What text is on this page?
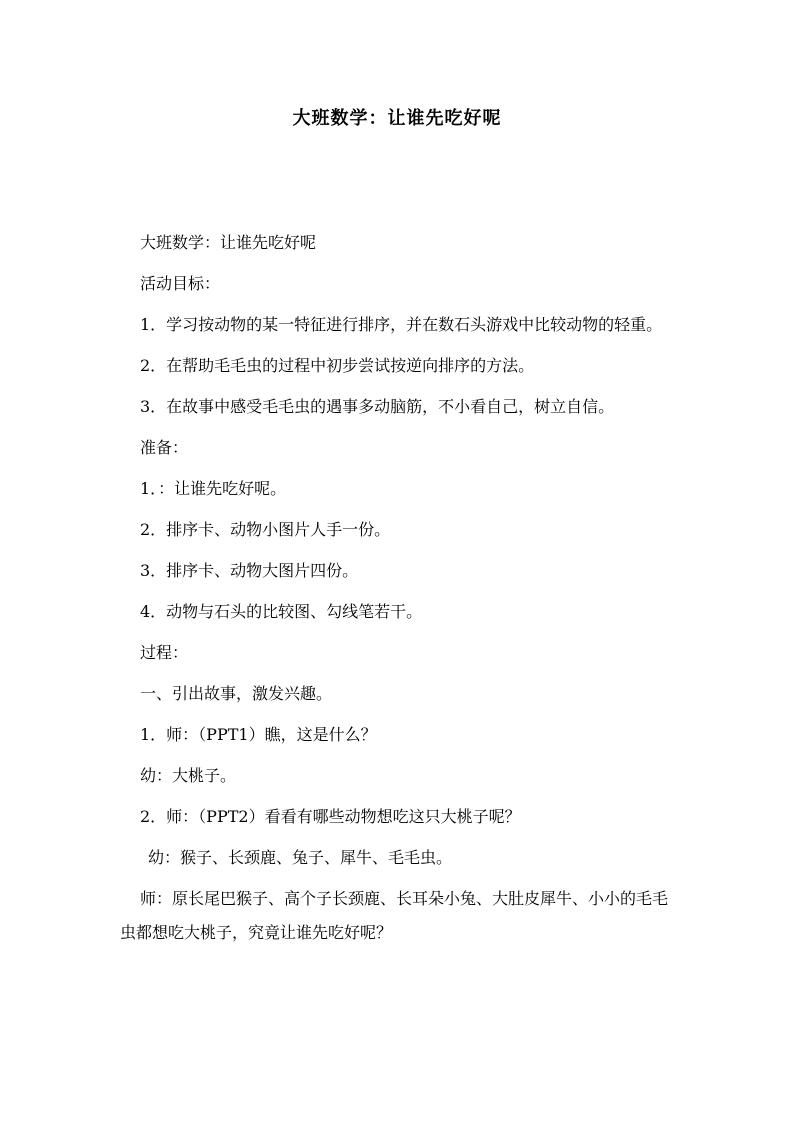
大班数学：让谁先吃好呢

大班数学：让谁先吃好呢

活动目标：

1．学习按动物的某一特征进行排序，并在数石头游戏中比较动物的轻重。

2．在帮助毛毛虫的过程中初步尝试按逆向排序的方法。

3．在故事中感受毛毛虫的遇事多动脑筋，不小看自己，树立自信。

准备：

1．：让谁先吃好呢。

2．排序卡、动物小图片人手一份。

3．排序卡、动物大图片四份。

4．动物与石头的比较图、勾线笔若干。

过程：

一、引出故事，激发兴趣。

1．师：（PPT1）瞧，这是什么？

幼：大桃子。

2．师：（PPT2）看看有哪些动物想吃这只大桃子呢？

幼：猴子、长颈鹿、兔子、犀牛、毛毛虫。

师：原长尾巴猴子、高个子长颈鹿、长耳朵小兔、大肚皮犀牛、小小的毛毛虫都想吃大桃子，究竟让谁先吃好呢？
